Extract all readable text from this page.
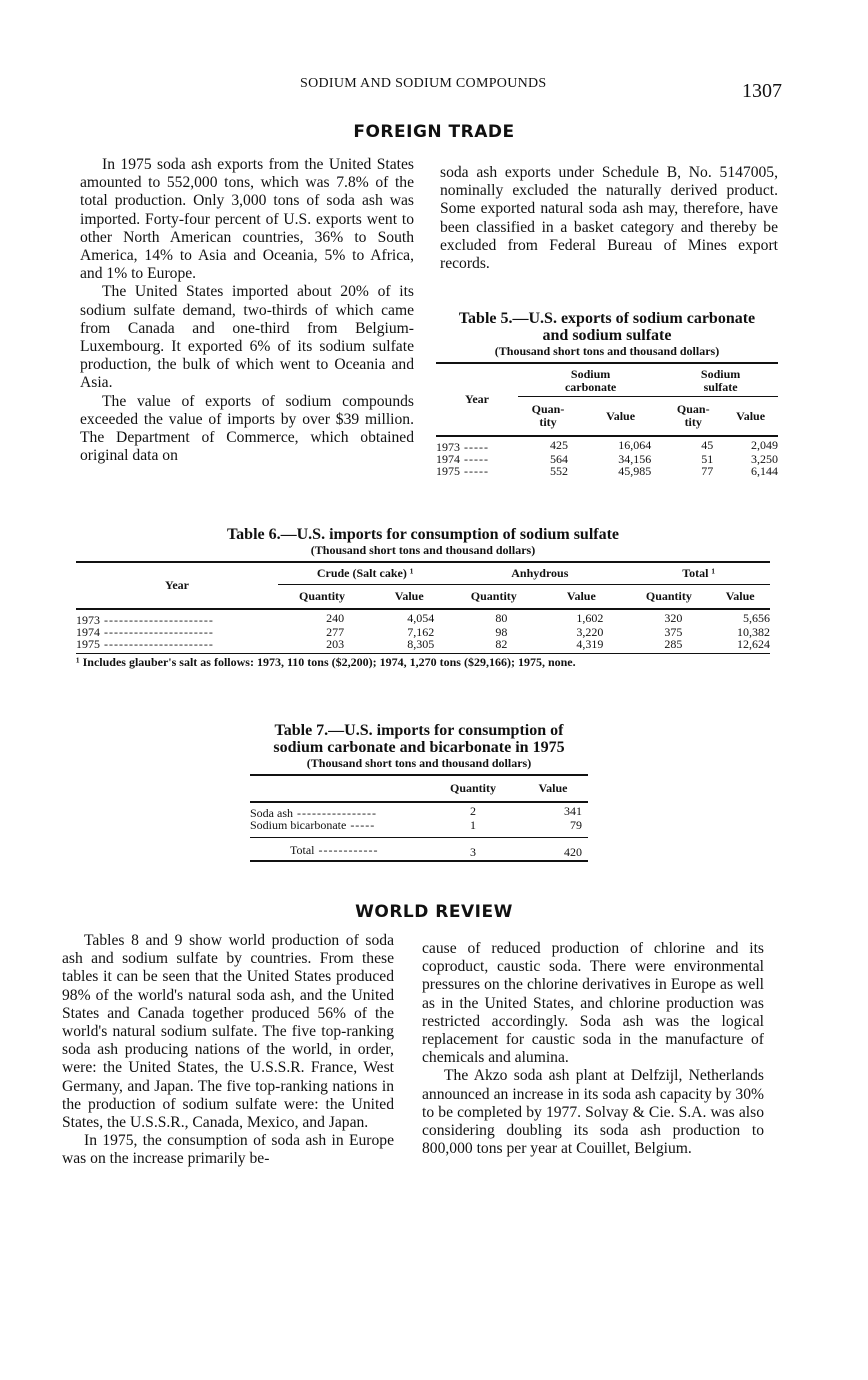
SODIUM AND SODIUM COMPOUNDS	1307
FOREIGN TRADE

In 1975 soda ash exports from the United States amounted to 552,000 tons, which was 7.8% of the total production. Only 3,000 tons of soda ash was imported. Forty-four percent of U.S. exports went to other North American countries, 36% to South America, 14% to Asia and Oceania, 5% to Africa, and 1% to Europe.

The United States imported about 20% of its sodium sulfate demand, two-thirds of which came from Canada and one-third from Belgium-Luxembourg. It exported 6% of its sodium sulfate production, the bulk of which went to Oceania and Asia.

The value of exports of sodium compounds exceeded the value of imports by over $39 million. The Department of Commerce, which obtained original data on

soda ash exports under Schedule B, No. 5147005, nominally excluded the naturally derived product. Some exported natural soda ash may, therefore, have been classified in a basket category and thereby be excluded from Federal Bureau of Mines export records.

Table 5.—U.S. exports of sodium carbonate
and sodium sulfate
(Thousand short tons and thousand dollars)
Year	Sodium carbonate		Sodium sulfate	
	Quan- tity	Value	Quan- tity	Value
1973 -----	425	16,064	45	2,049
1974 -----	564	34,156	51	3,250
1975 -----	552	45,985	77	6,144
Table 6.—U.S. imports for consumption of sodium sulfate
(Thousand short tons and thousand dollars)
Year	Crude (Salt cake) ¹		Anhydrous		Total ¹	
	Quantity	Value	Quantity	Value	Quantity	Value
1973 ----------------------	240	4,054	80	1,602	320	5,656
1974 ----------------------	277	7,162	98	3,220	375	10,382
1975 ----------------------	203	8,305	82	4,319	285	12,624
¹ Includes glauber's salt as follows: 1973, 110 tons ($2,200); 1974, 1,270 tons ($29,166); 1975, none.
Table 7.—U.S. imports for consumption of
sodium carbonate and bicarbonate in 1975
(Thousand short tons and thousand dollars)
	Quantity	Value
Soda ash ----------------	2	341
Sodium bicarbonate -----	1	79
Total ------------	3	420
WORLD REVIEW

Tables 8 and 9 show world production of soda ash and sodium sulfate by countries. From these tables it can be seen that the United States produced 98% of the world's natural soda ash, and the United States and Canada together produced 56% of the world's natural sodium sulfate. The five top-ranking soda ash producing nations of the world, in order, were: the United States, the U.S.S.R. France, West Germany, and Japan. The five top-ranking nations in the production of sodium sulfate were: the United States, the U.S.S.R., Canada, Mexico, and Japan.

In 1975, the consumption of soda ash in Europe was on the increase primarily be-

cause of reduced production of chlorine and its coproduct, caustic soda. There were environmental pressures on the chlorine derivatives in Europe as well as in the United States, and chlorine production was restricted accordingly. Soda ash was the logical replacement for caustic soda in the manufacture of chemicals and alumina.

The Akzo soda ash plant at Delfzijl, Netherlands announced an increase in its soda ash capacity by 30% to be completed by 1977. Solvay & Cie. S.A. was also considering doubling its soda ash production to 800,000 tons per year at Couillet, Belgium.
